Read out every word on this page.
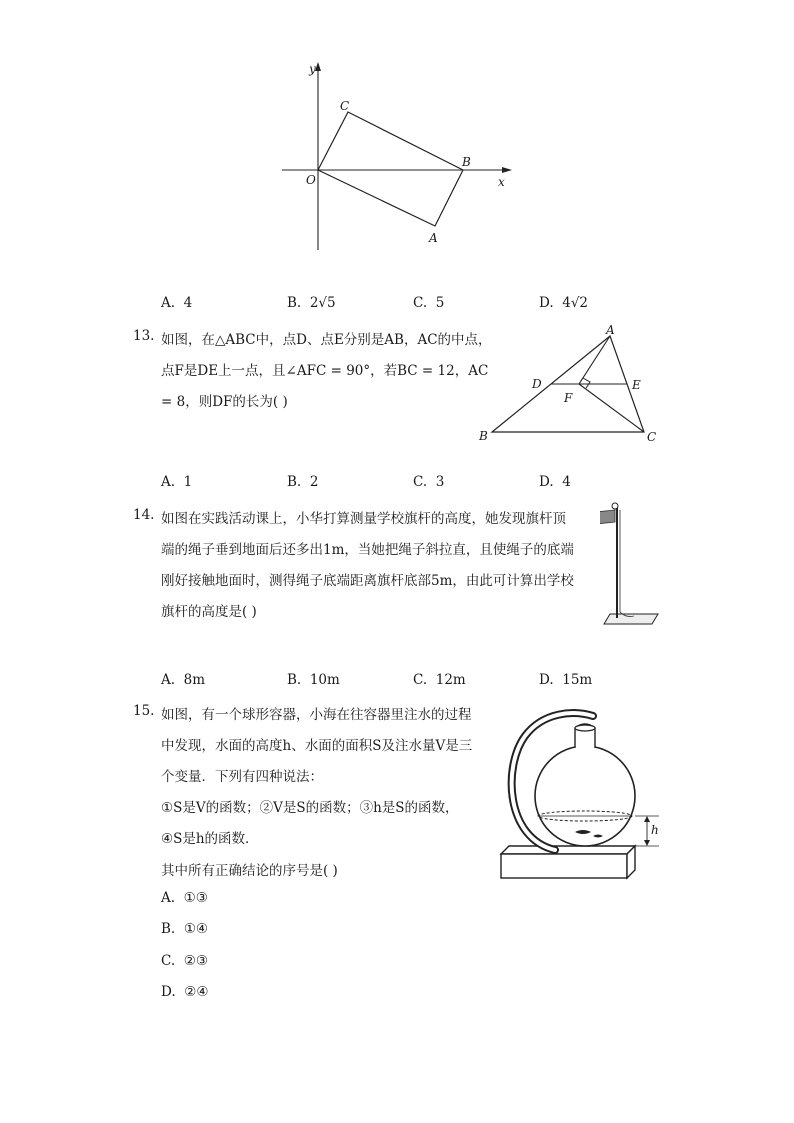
y
x
O
C
B
A
A. 4	B. 2√5	C. 5	D. 4√2
13. 如图，在△ABC中，点D、点E分别是AB，AC的中点，
点F是DE上一点，且∠AFC = 90°，若BC = 12，AC
= 8，则DF的长为( )
A
D	E
F
B	C
A. 1	B. 2	C. 3	D. 4
14. 如图在实践活动课上，小华打算测量学校旗杆的高度，她发现旗杆顶
端的绳子垂到地面后还多出1m，当她把绳子斜拉直，且使绳子的底端
刚好接触地面时，测得绳子底端距离旗杆底部5m，由此可计算出学校
旗杆的高度是( )
A. 8m	B. 10m	C. 12m	D. 15m
15. 如图，有一个球形容器，小海在往容器里注水的过程
中发现，水面的高度h、水面的面积S及注水量V是三
个变量．下列有四种说法：
①S是V的函数；②V是S的函数；③h是S的函数，
④S是h的函数．
其中所有正确结论的序号是( )
h
A. ①③
B. ①④
C. ②③
D. ②④
